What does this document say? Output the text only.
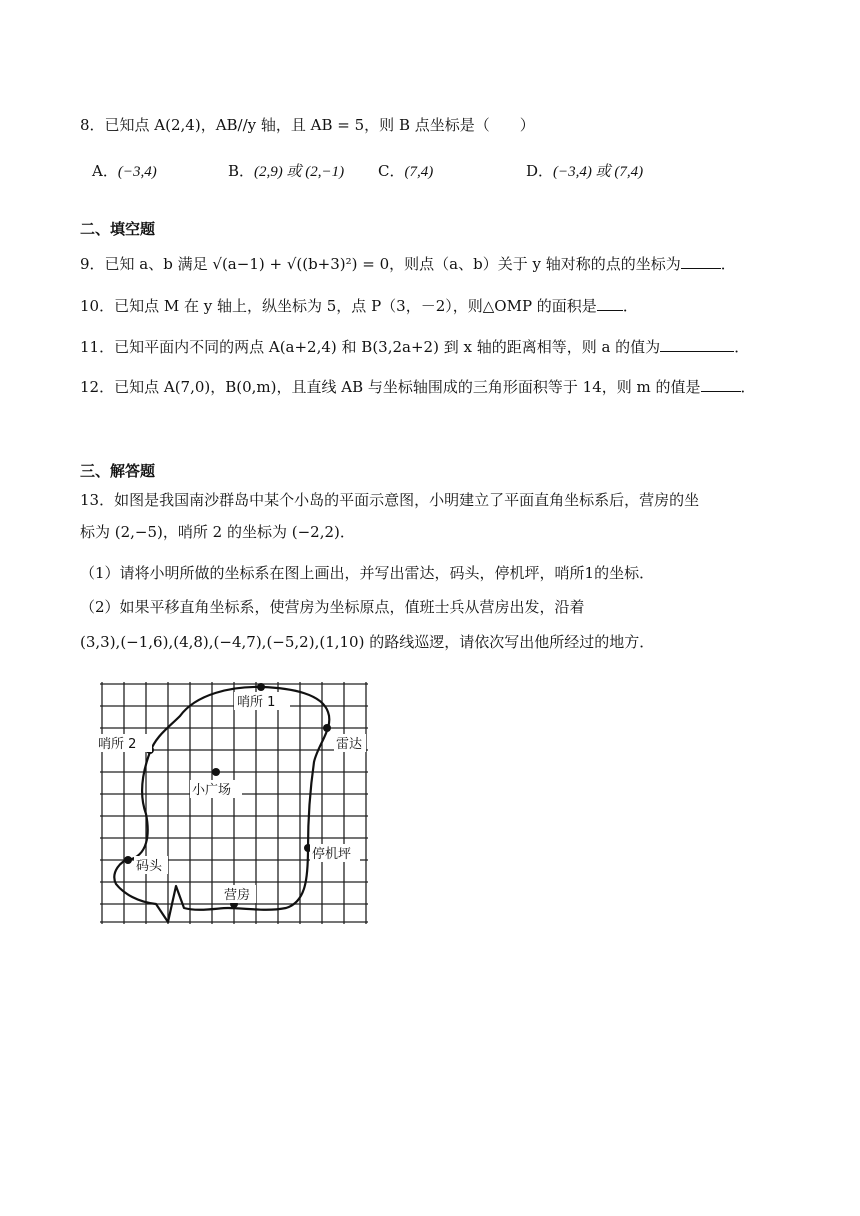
8．已知点 A(2,4)，AB//y 轴，且 AB = 5，则 B 点坐标是（　　）
A．(−3,4)	B．(2,9) 或 (2,−1) C．(7,4)	D．(−3,4) 或 (7,4)
二、填空题
9．已知 a、b 满足 √(a−1) + √((b+3)²) = 0，则点（a、b）关于 y 轴对称的点的坐标为	．
10．已知点 M 在 y 轴上，纵坐标为 5，点 P（3，－2），则△OMP 的面积是 ．
11．已知平面内不同的两点 A(a+2,4) 和 B(3,2a+2) 到 x 轴的距离相等，则 a 的值为	．
12．已知点 A(7,0)，B(0,m)，且直线 AB 与坐标轴围成的三角形面积等于 14，则 m 的值是	．
三、解答题
13．如图是我国南沙群岛中某个小岛的平面示意图，小明建立了平面直角坐标系后，营房的坐
标为 (2,−5)，哨所 2 的坐标为 (−2,2)．
（1）请将小明所做的坐标系在图上画出，并写出雷达，码头，停机坪，哨所1的坐标．
（2）如果平移直角坐标系，使营房为坐标原点，值班士兵从营房出发，沿着
(3,3),(−1,6),(4,8),(−4,7),(−5,2),(1,10) 的路线巡逻，请依次写出他所经过的地方．
哨所 1
哨所 2	雷达
小广场
停机坪
码头
营房
